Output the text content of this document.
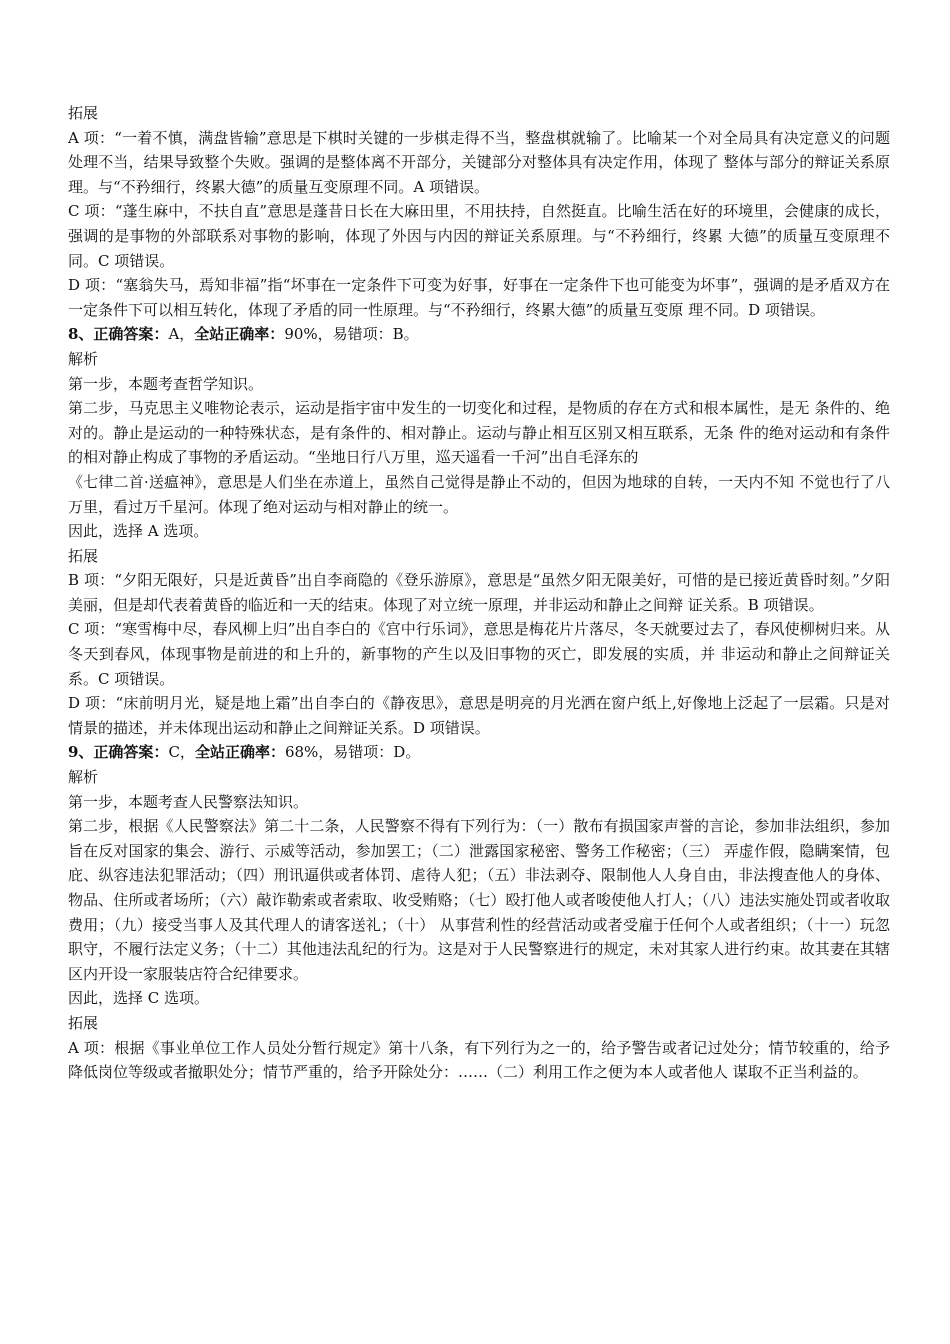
拓展

A 项：“一着不慎，满盘皆输”意思是下棋时关键的一步棋走得不当，整盘棋就输了。比喻某一个对全局具有决定意义的问题处理不当，结果导致整个失败。强调的是整体离不开部分，关键部分对整体具有决定作用，体现了 整体与部分的辩证关系原理。与“不矜细行，终累大德”的质量互变原理不同。A 项错误。

C 项：“蓬生麻中，不扶自直”意思是蓬昔日长在大麻田里，不用扶持，自然挺直。比喻生活在好的环境里，会健康的成长，强调的是事物的外部联系对事物的影响，体现了外因与内因的辩证关系原理。与“不矜细行，终累 大德”的质量互变原理不同。C 项错误。

D 项：“塞翁失马，焉知非福”指“坏事在一定条件下可变为好事，好事在一定条件下也可能变为坏事”，强调的是矛盾双方在一定条件下可以相互转化，体现了矛盾的同一性原理。与“不矜细行，终累大德”的质量互变原 理不同。D 项错误。

8、正确答案：A，全站正确率：90%，易错项：B。

解析

第一步，本题考查哲学知识。

第二步，马克思主义唯物论表示，运动是指宇宙中发生的一切变化和过程，是物质的存在方式和根本属性，是无 条件的、绝对的。静止是运动的一种特殊状态，是有条件的、相对静止。运动与静止相互区别又相互联系，无条 件的绝对运动和有条件的相对静止构成了事物的矛盾运动。“坐地日行八万里，巡天遥看一千河”出自毛泽东的

《七律二首·送瘟神》，意思是人们坐在赤道上，虽然自己觉得是静止不动的，但因为地球的自转，一天内不知 不觉也行了八万里，看过万千星河。体现了绝对运动与相对静止的统一。

因此，选择 A 选项。

拓展

B 项：“夕阳无限好，只是近黄昏”出自李商隐的《登乐游原》，意思是“虽然夕阳无限美好，可惜的是已接近黄昏时刻。”夕阳美丽，但是却代表着黄昏的临近和一天的结束。体现了对立统一原理，并非运动和静止之间辩 证关系。B 项错误。

C 项：“寒雪梅中尽，春风柳上归”出自李白的《宫中行乐词》，意思是梅花片片落尽，冬天就要过去了，春风使柳树归来。从冬天到春风，体现事物是前进的和上升的，新事物的产生以及旧事物的灭亡，即发展的实质，并 非运动和静止之间辩证关系。C 项错误。

D 项：“床前明月光，疑是地上霜”出自李白的《静夜思》，意思是明亮的月光洒在窗户纸上,好像地上泛起了一层霜。只是对情景的描述，并未体现出运动和静止之间辩证关系。D 项错误。

9、正确答案：C，全站正确率：68%，易错项：D。

解析

第一步，本题考查人民警察法知识。

第二步，根据《人民警察法》第二十二条，人民警察不得有下列行为：（一）散布有损国家声誉的言论，参加非法组织，参加旨在反对国家的集会、游行、示威等活动，参加罢工；（二）泄露国家秘密、警务工作秘密；（三） 弄虚作假，隐瞒案情，包庇、纵容违法犯罪活动；（四）刑讯逼供或者体罚、虐待人犯；（五）非法剥夺、限制他人人身自由，非法搜查他人的身体、物品、住所或者场所；（六）敲诈勒索或者索取、收受贿赂；（七）殴打他人或者唆使他人打人；（八）违法实施处罚或者收取费用；（九）接受当事人及其代理人的请客送礼；（十） 从事营利性的经营活动或者受雇于任何个人或者组织；（十一）玩忽职守，不履行法定义务；（十二）其他违法乱纪的行为。这是对于人民警察进行的规定，未对其家人进行约束。故其妻在其辖区内开设一家服装店符合纪律要求。

因此，选择 C 选项。

拓展

A 项：根据《事业单位工作人员处分暂行规定》第十八条，有下列行为之一的，给予警告或者记过处分；情节较重的，给予降低岗位等级或者撤职处分；情节严重的，给予开除处分：……（二）利用工作之便为本人或者他人 谋取不正当利益的。
